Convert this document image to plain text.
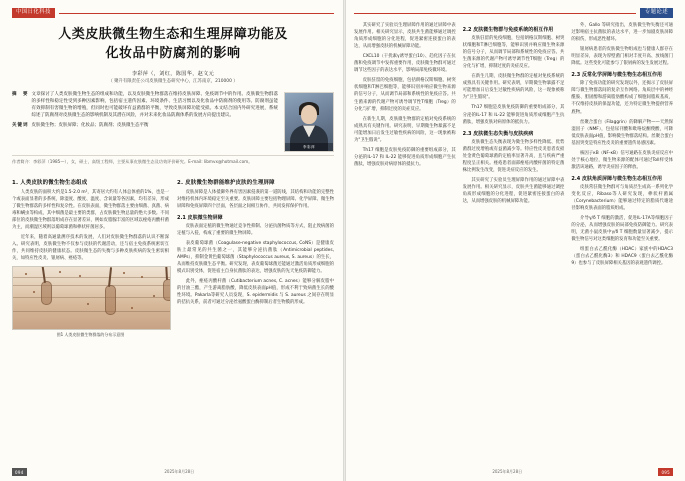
中国日化科技
人类皮肤微生物生态和生理屏障功能及
化妆品中防腐剂的影响
李彩萍（，刘红，陈国华，赵文元
（ 聚升有限责任公司皮肤微生态研究中心，江苏南京，210000 ）
摘　要 文章探讨了人类皮肤微生物生态的组成和功能，以及皮肤微生物群落在维持皮肤屏障、免疫调节中的作用。皮肤微生物群落的多样性和稳定性受到多种因素影响，包括宿主遗传因素、环境条件、生活习惯以及化妆品中防腐剂的使用等。防腐剂虽能有效抑制有害微生物的增殖，但同时也可能破坏有益菌群的平衡，导致皮肤屏障功能受损。本文结合国内外研究进展，系统综述了防腐剂对皮肤微生态的影响机制及其潜在风险，并对未来化妆品防腐体系的发展方向提出建议。
关键词 皮肤微生物；皮肤屏障；化妆品；防腐剂；皮肤微生态平衡
李彩萍
作者简介：李彩萍（1985—），女，硕士，高级工程师，主要从事皮肤微生态及功效评价研究。E-mail: libmvx@hotmail.com。
1. 人类皮肤的微生物生态组成

人类皮肤的面积大约是1.5-2.0 m²，其寄居大约有人体总体重的1%，也是一个或表面显著的多系统，除湿度、酸度、温度、含氧量等各因素，均有差异，形成了微生物群落的多样性和复杂性。在皮肤表面，微生物群落主要由细菌、真菌、病毒和螨虫等构成，其中细菌是最主要的类群，占皮肤微生物总量的绝大多数。不同部位的皮肤微生物群落组成存在显著差异，例如皮脂腺丰富的区域以痤疮丙酸杆菌为主，而潮湿区域则以葡萄球菌和棒状杆菌居多。

近年来，随着高通量测序技术的发展，人们对皮肤微生物群落的认识不断深入。研究表明，皮肤微生物不仅参与皮肤的代谢活动，还与宿主免疫系统密切互作，共同维持皮肤的健康状态。皮肤微生态的失衡与多种皮肤疾病的发生密切相关，如特应性皮炎、银屑病、痤疮等。

图1 人类皮肤微生物群落的分布示意图
2. 皮肤微生物群能维护皮肤的生理屏障

皮肤屏障是人体抵御外界有害因素侵袭的第一道防线，其结构和功能的完整性对维持机体内环境稳定至关重要。皮肤屏障主要包括物理屏障、化学屏障、微生物屏障和免疫屏障四个层面，各层面之间相互协作，共同发挥保护作用。

2.1 皮肤微生物屏障

皮肤表面定植的微生物通过竞争性抑制、分泌抗菌物质等方式，阻止致病菌的定植与入侵，构成了重要的微生物屏障。

表皮葡萄球菌（Coagulase-negative staphylococcus, CoNS）是健康皮肤上最常见的共生菌之一，其能够分泌抗菌肽（Antimicrobial peptides, AMPs），抑制金黄色葡萄球菌（Staphylococcus aureus, S. aureus）的生长，从而维持皮肤微生态平衡。研究发现，表皮葡萄球菌还能通过激活角质形成细胞的模式识别受体，促进宿主自身抗菌肽的表达，增强皮肤的先天免疫防御能力。

此外，痤疮丙酸杆菌（Cutibacterium acnes, C. acnes）能够分解皮脂中的甘油三酯，产生游离脂肪酸，降低皮肤表面pH值，形成不利于致病菌生长的酸性环境。Pakarla等研究人员发现，S. epidermidis 与 S. aureus 之间存在明显的拮抗关系，前者可通过分泌丝氨酸蛋白酶抑制后者生物膜的形成。

094	2025年8月28日
专题论述

其实研究了实验员生理屏障作用的通过屏障中表发展作用。相关研究显示，皮肤共生菌能够通过调控角质形成细胞的分化进程，促进紧密连接蛋白的表达，从而增强皮肤的机械屏障功能。

CXCL10（干扰素γ诱导蛋白10）、趋化因子在抗菌和免疫调节中发挥重要作用，皮肤微生物群可通过调节这些因子的表达水平，影响局部免疫微环境。

皮肤驻留的免疫细胞，包括朗格汉斯细胞、树突状细胞和T淋巴细胞等，能够识别并响应微生物来源的信号分子，从而调节局部和系统性的免疫应答。共生菌来源的代谢产物可诱导调节性T细胞（Treg）的分化与扩增，抑制过度的炎症反应。

在新生儿期，皮肤微生物群的定植对免疫系统的成熟具有关键作用。研究表明，早期微生物暴露不足可能增加日后发生过敏性疾病的风险，这一现象被称为"卫生假说"。

Th17 细胞是皮肤免疫防御的重要组成部分，其分泌的IL-17 和 IL-22 能够促进角质形成细胞产生抗菌肽，增强皮肤对病原体的抵抗力。

2.2 皮肤微生物群与免疫系统的相互作用

皮肤驻留的免疫细胞，包括朗格汉斯细胞、树突状细胞和T淋巴细胞等，能够识别并响应微生物来源的信号分子，从而调节局部和系统性的免疫应答。共生菌来源的代谢产物可诱导调节性T细胞（Treg）的分化与扩增，抑制过度的炎症反应。

在新生儿期，皮肤微生物群的定植对免疫系统的成熟具有关键作用。研究表明，早期微生物暴露不足可能增加日后发生过敏性疾病的风险，这一现象被称为"卫生假说"。

Th17 细胞是皮肤免疫防御的重要组成部分，其分泌的IL-17 和 IL-22 能够促进角质形成细胞产生抗菌肽，增强皮肤对病原体的抵抗力。

2.3 皮肤微生态失衡与皮肤疾病

皮肤微生态失衡表现为微生物多样性降低、优势菌群过度增殖或有益菌减少等。特应性皮炎患者皮损处金黄色葡萄球菌的定植率显著升高，且与疾病严重程度呈正相关。痤疮患者面部痤疮丙酸杆菌的特定菌株比例发生改变，促进炎症反应的发生。

其实研究了实验员生理屏障作用的通过屏障中表发展作用。相关研究显示，皮肤共生菌能够通过调控角质形成细胞的分化进程，促进紧密连接蛋白的表达，从而增强皮肤的机械屏障功能。

外，Gallo 等研究指出，皮肤微生物失衡还可通过影响宿主抗菌肽的表达水平，进一步加剧皮肤屏障的损伤，形成恶性循环。

银屑病患者的皮肤微生物组成也与健康人群存在明显差异，表现为厚壁菌门相对丰度升高、放线菌门降低。这些变化可能参与了银屑病的发生发展过程。

2.3 反常化学屏障与微生物生态相互作用

除了免疫功能的研究发现以外，还揭示了皮肤屏障与微生物群落间的复杂互作网络。角质层中的神经酰胺、胆固醇和游离脂肪酸构成了细胞间脂质基质，不仅维持皮肤的保湿功能，还为特定微生物提供营养底物。

丝聚合蛋白（Filaggrin）的降解产物——天然保湿因子（NMF），包括尿刊酸和吡咯烷酮羧酸，可降低皮肤表面pH值，影响微生物群落结构。丝聚合蛋白基因突变是特应性皮炎的重要遗传易感因素。

核因子κB（NF-κB）信号通路在皮肤炎症反应中处于核心地位，微生物来源的配体可通过Toll样受体激活该通路，诱导炎症因子的释放。

2.4 皮肤角质屏障与微生物生态相互作用

皮肤常驻微生物群可与角质层生成高一系列化学变化反应，Ribaso等人研究发现，棒状杆菌属（Corynebacterium）能够通过特定的脂质代谢途径影响皮肤表面的脂质组成。

介导γ/δ T 细胞的激活，促进IL-17A等细胞因子的分泌，从而增强皮肤的局部免疫防御能力。研究表明，无菌小鼠皮肤中γ/δ T 细胞数量显著减少，提示微生物信号对这类细胞的发育和功能至关重要。

组蛋白去乙酰化酶（HDAC）家族中的HDAC3（蛋白去乙酰化酶3）和 HDAC9（蛋白去乙酰化酶9）也参与了皮肤屏障相关基因的表观遗传调控。

2025年8月28日	095
